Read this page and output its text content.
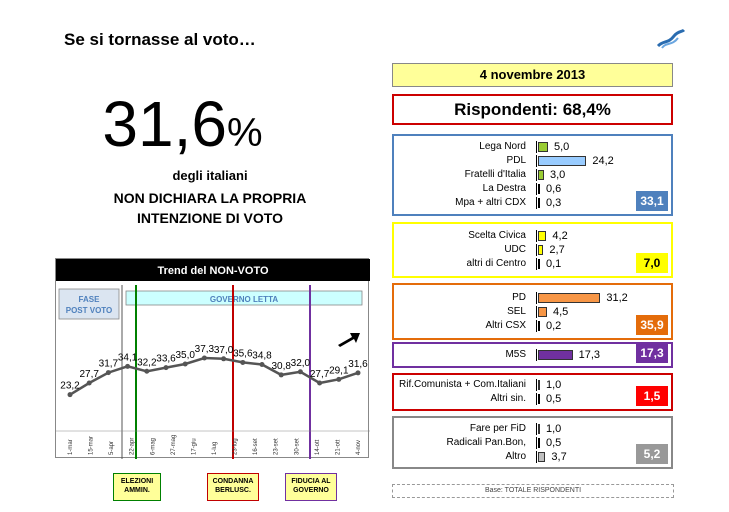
Se si tornasse al voto…
31,6%
degli italiani
NON DICHIARA LA PROPRIA
INTENZIONE DI VOTO
Trend del NON-VOTO
FASE
POST VOTO
GOVERNO LETTA
23,2
27,7
31,7
34,1 32,2 33,6 35,0
37,3 37,0 35,6 34,8
30,8 32,0
27,7 29,1
31,6
1-mar 15-mar 5-apr 22-apr 6-mag 27-mag 17-giu 1-lug 23-lug 16-set 23-set 30-set 14-ott 21-ott 4-nov
ELEZIONI
AMMIN.
CONDANNA
BERLUSC.
FIDUCIA AL
GOVERNO
4 novembre 2013
Rispondenti: 68,4%
Lega Nord	5,0
PDL	24,2
Fratelli d'Italia 3,0
La Destra 0,6
Mpa + altri CDX 0,3	33,1
Scelta Civica 4,2
UDC 2,7
altri di Centro 0,1	7,0
PD	31,2
SEL 4,5
Altri CSX 0,2	35,9
M5S	17,3	17,3
Rif.Comunista + Com.Italiani 1,0
Altri sin. 0,5	1,5
Fare per FiD 1,0
Radicali Pan.Bon, 0,5
Altro 3,7	5,2
Base: TOTALE RISPONDENTI
